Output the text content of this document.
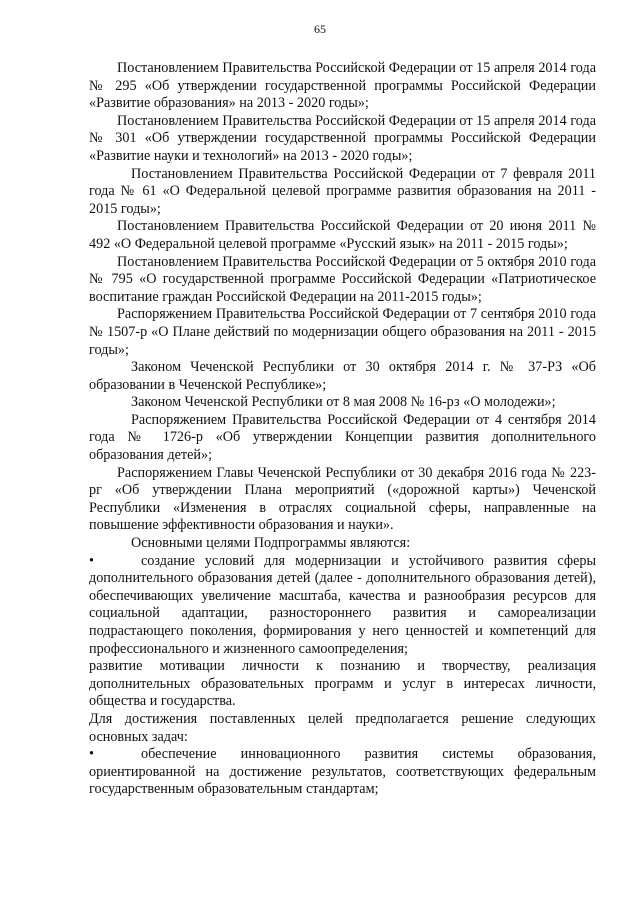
65

Постановлением Правительства Российской Федерации от 15 апреля 2014 года № 295 «Об утверждении государственной программы Российской Федерации «Развитие образования» на 2013 - 2020 годы»;

Постановлением Правительства Российской Федерации от 15 апреля 2014 года № 301 «Об утверждении государственной программы Российской Федерации «Развитие науки и технологий» на 2013 - 2020 годы»;

Постановлением Правительства Российской Федерации от 7 февраля 2011 года № 61 «О Федеральной целевой программе развития образования на 2011 - 2015 годы»;

Постановлением Правительства Российской Федерации от 20 июня 2011 № 492 «О Федеральной целевой программе «Русский язык» на 2011 - 2015 годы»;

Постановлением Правительства Российской Федерации от 5 октября 2010 года № 795 «О государственной программе Российской Федерации «Патриотическое воспитание граждан Российской Федерации на 2011-2015 годы»;

Распоряжением Правительства Российской Федерации от 7 сентября 2010 года № 1507-р «О Плане действий по модернизации общего образования на 2011 - 2015 годы»;

Законом Чеченской Республики от 30 октября 2014 г. № 37-РЗ «Об образовании в Чеченской Республике»;

Законом Чеченской Республики от 8 мая 2008 № 16-рз «О молодежи»;

Распоряжением Правительства Российской Федерации от 4 сентября 2014 года № 1726-р «Об утверждении Концепции развития дополнительного образования детей»;

Распоряжением Главы Чеченской Республики от 30 декабря 2016 года № 223-рг «Об утверждении Плана мероприятий («дорожной карты») Чеченской Республики «Изменения в отраслях социальной сферы, направленные на повышение эффективности образования и науки».

Основными целями Подпрограммы являются:

•	создание условий для модернизации и устойчивого развития сферы дополнительного образования детей (далее - дополнительного образования детей), обеспечивающих увеличение масштаба, качества и разнообразия ресурсов для социальной адаптации, разностороннего развития и самореализации подрастающего поколения, формирования у него ценностей и компетенций для профессионального и жизненного самоопределения;

развитие мотивации личности к познанию и творчеству, реализация дополнительных образовательных программ и услуг в интересах личности, общества и государства.

Для достижения поставленных целей предполагается решение следующих основных задач:

•	обеспечение инновационного развития системы образования, ориентированной на достижение результатов, соответствующих федеральным государственным образовательным стандартам;
